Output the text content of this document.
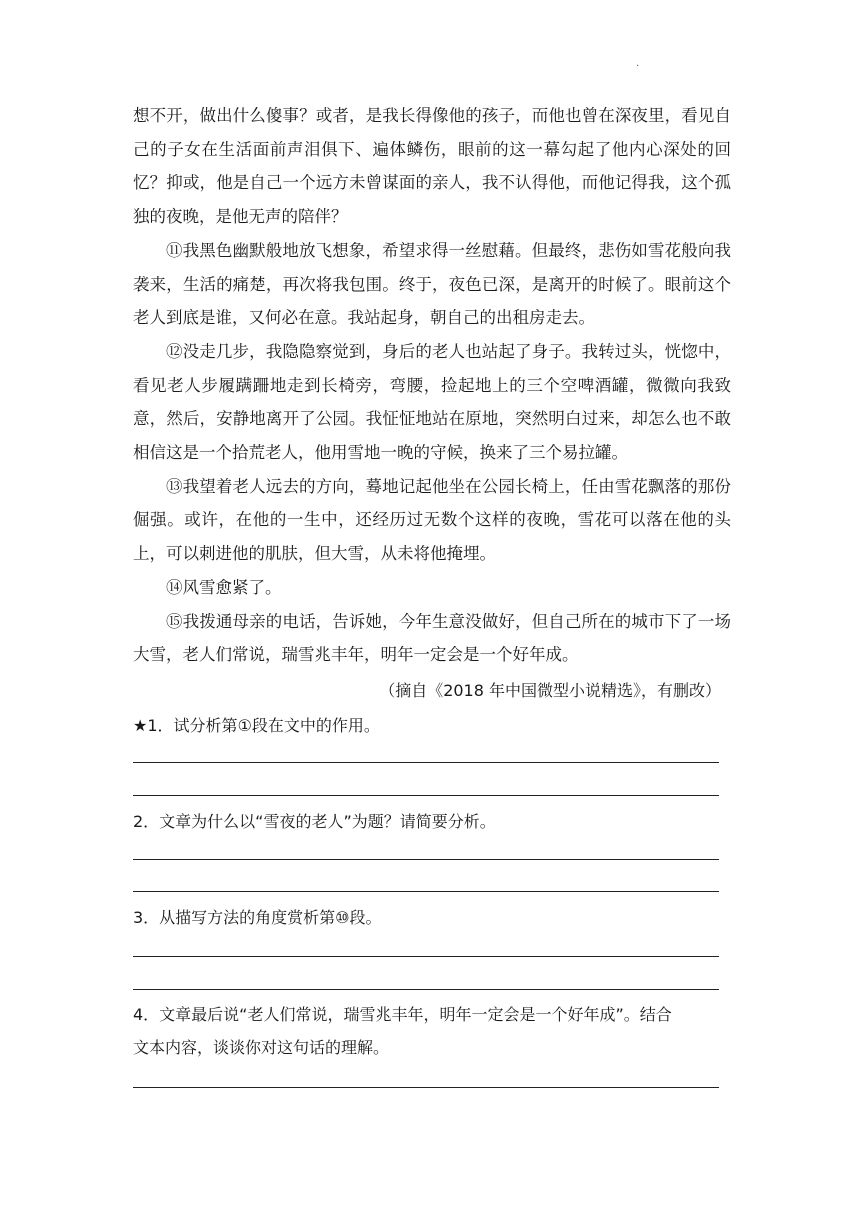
.

想不开，做出什么傻事？或者，是我长得像他的孩子，而他也曾在深夜里，看见自己的子女在生活面前声泪俱下、遍体鳞伤，眼前的这一幕勾起了他内心深处的回忆？抑或，他是自己一个远方未曾谋面的亲人，我不认得他，而他记得我，这个孤独的夜晚，是他无声的陪伴？

⑪我黑色幽默般地放飞想象，希望求得一丝慰藉。但最终，悲伤如雪花般向我袭来，生活的痛楚，再次将我包围。终于，夜色已深，是离开的时候了。眼前这个老人到底是谁，又何必在意。我站起身，朝自己的出租房走去。

⑫没走几步，我隐隐察觉到，身后的老人也站起了身子。我转过头，恍惚中，看见老人步履蹒跚地走到长椅旁，弯腰，捡起地上的三个空啤酒罐，微微向我致意，然后，安静地离开了公园。我怔怔地站在原地，突然明白过来，却怎么也不敢相信这是一个拾荒老人，他用雪地一晚的守候，换来了三个易拉罐。

⑬我望着老人远去的方向，蓦地记起他坐在公园长椅上，任由雪花飘落的那份倔强。或许，在他的一生中，还经历过无数个这样的夜晚，雪花可以落在他的头上，可以刺进他的肌肤，但大雪，从未将他掩埋。

⑭风雪愈紧了。

⑮我拨通母亲的电话，告诉她，今年生意没做好，但自己所在的城市下了一场大雪，老人们常说，瑞雪兆丰年，明年一定会是一个好年成。

（摘自《2018 年中国微型小说精选》，有删改）
★1．试分析第①段在文中的作用。
2．文章为什么以“雪夜的老人”为题？请简要分析。
3．从描写方法的角度赏析第⑩段。
4．文章最后说“老人们常说，瑞雪兆丰年，明年一定会是一个好年成”。结合
文本内容，谈谈你对这句话的理解。
